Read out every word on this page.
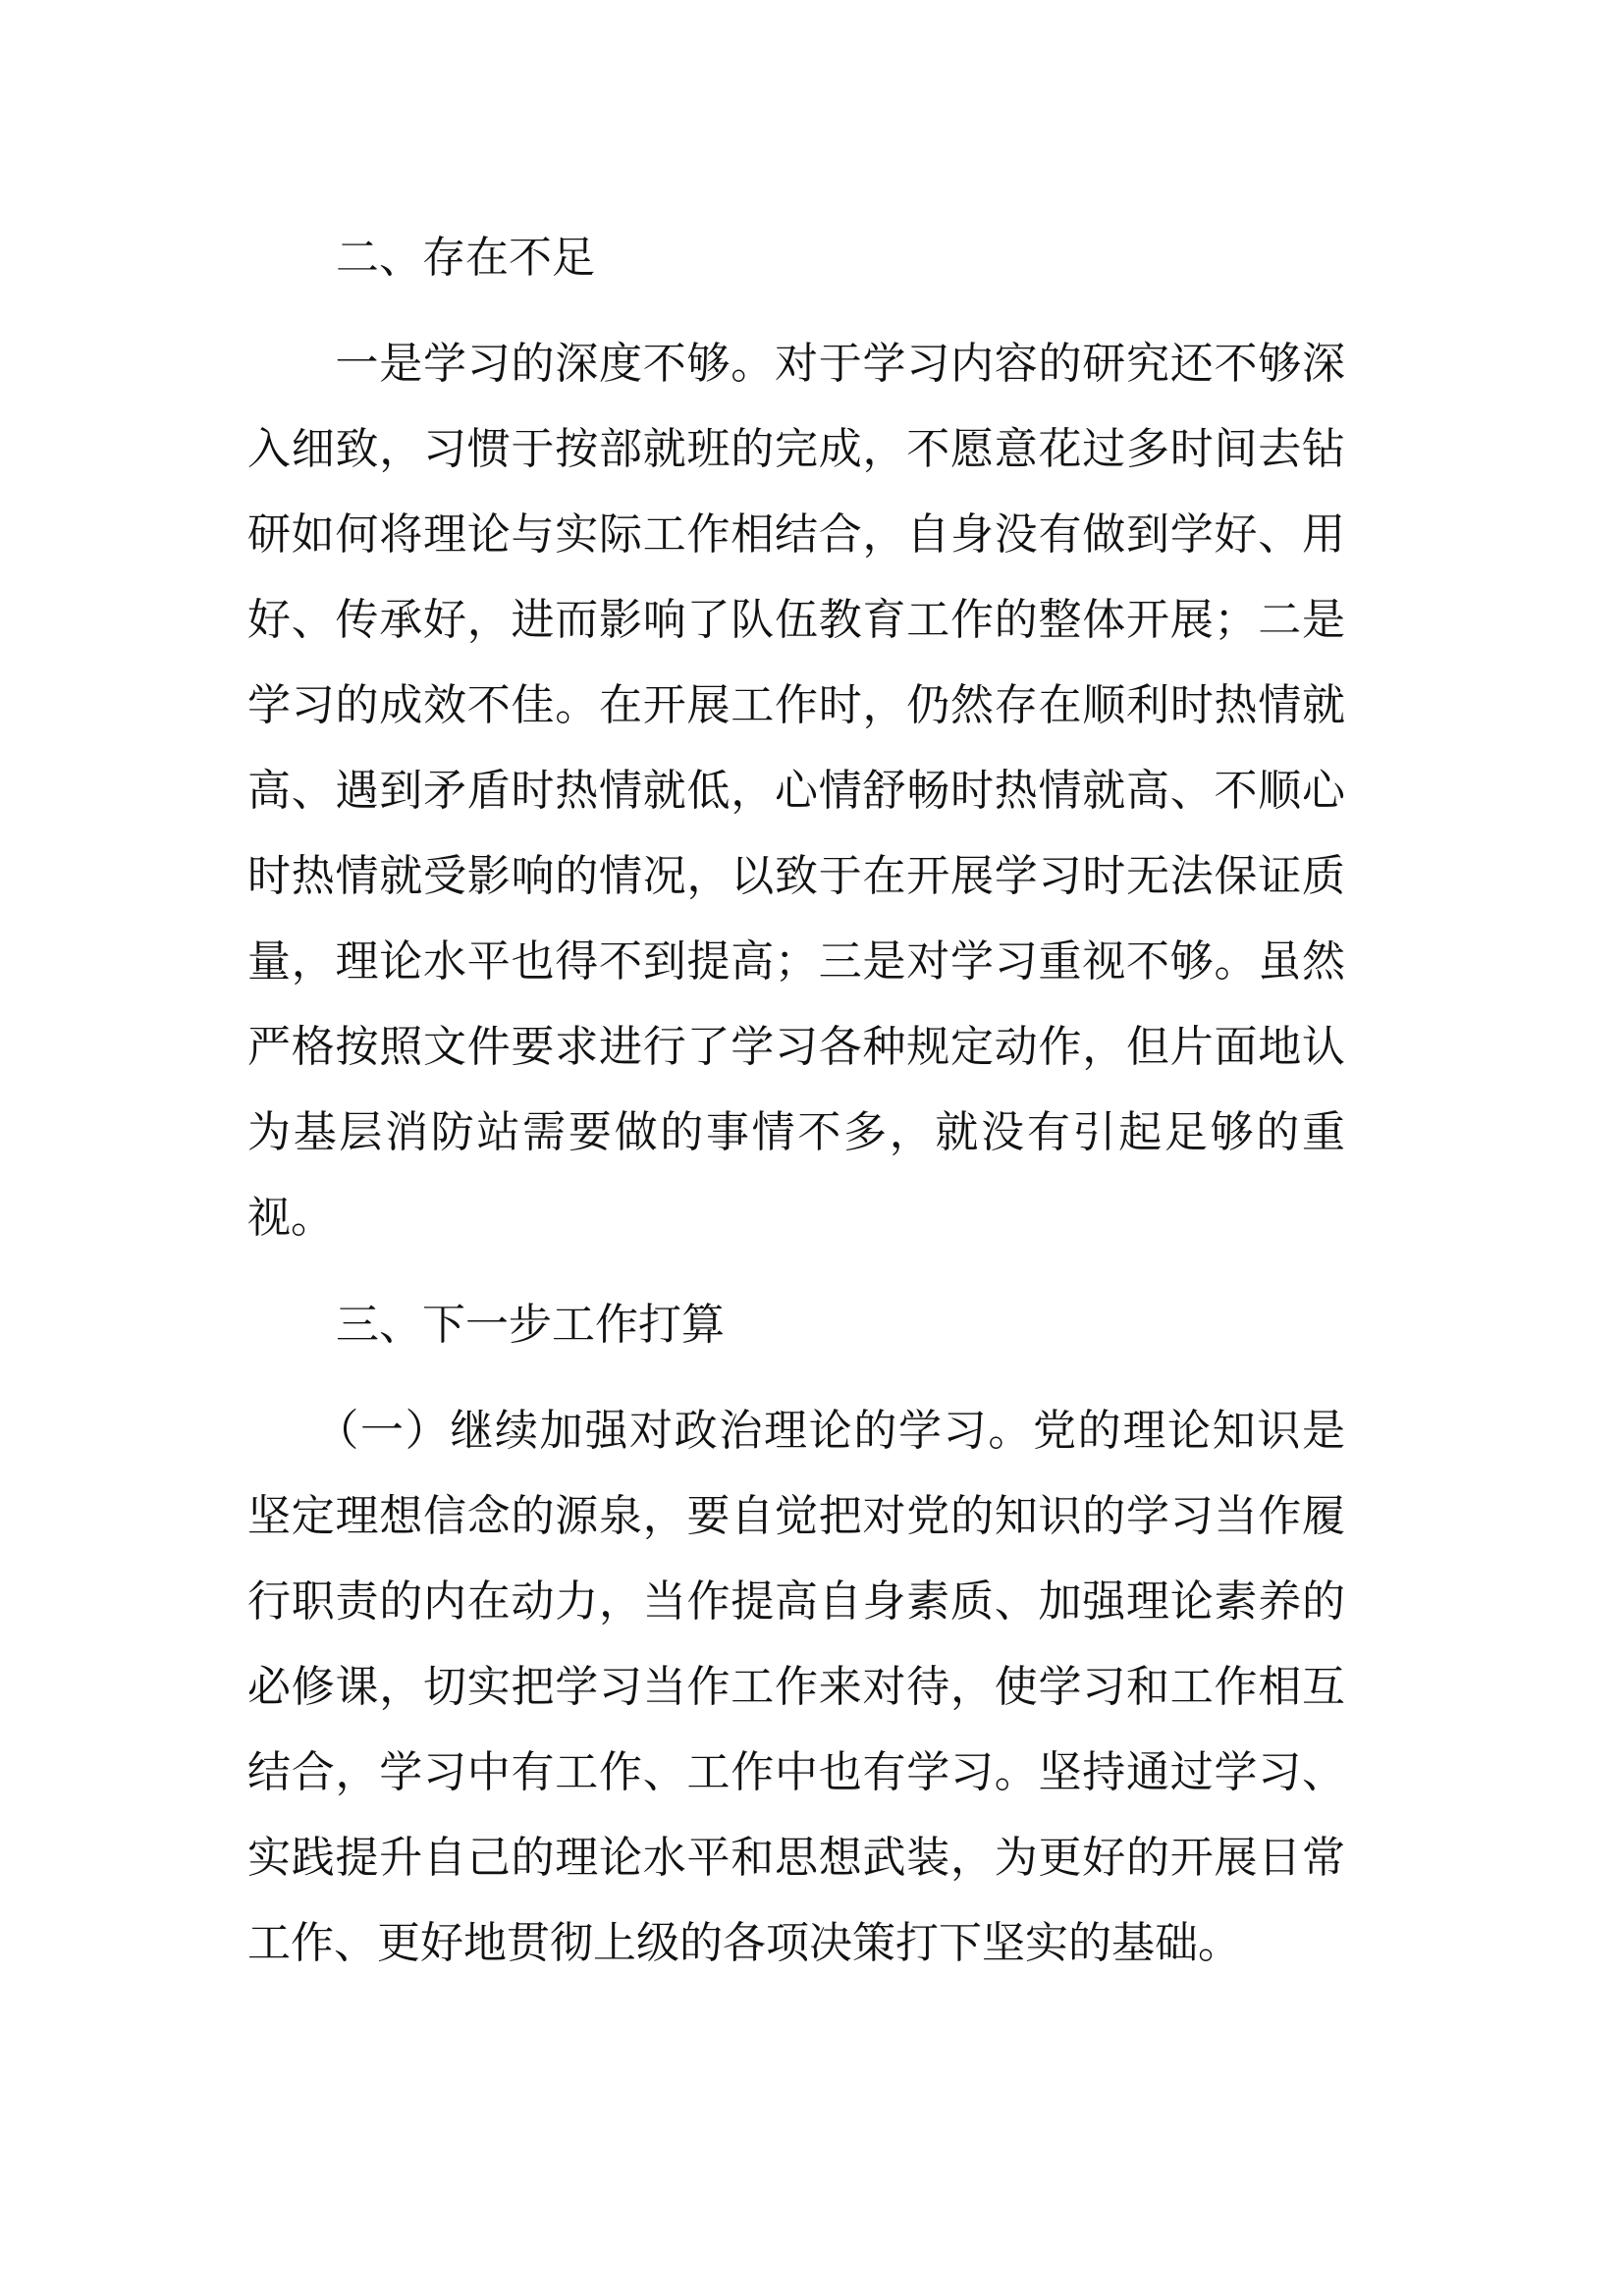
二、存在不足
　　一是学习的深度不够。对于学习内容的研究还不够深
入细致，习惯于按部就班的完成，不愿意花过多时间去钻
研如何将理论与实际工作相结合，自身没有做到学好、用
好、传承好，进而影响了队伍教育工作的整体开展；二是
学习的成效不佳。在开展工作时，仍然存在顺利时热情就
高、遇到矛盾时热情就低，心情舒畅时热情就高、不顺心
时热情就受影响的情况，以致于在开展学习时无法保证质
量，理论水平也得不到提高；三是对学习重视不够。虽然
严格按照文件要求进行了学习各种规定动作，但片面地认
为基层消防站需要做的事情不多，就没有引起足够的重
视。
三、下一步工作打算
　　（一）继续加强对政治理论的学习。党的理论知识是
坚定理想信念的源泉，要自觉把对党的知识的学习当作履
行职责的内在动力，当作提高自身素质、加强理论素养的
必修课，切实把学习当作工作来对待，使学习和工作相互
结合，学习中有工作、工作中也有学习。坚持通过学习、
实践提升自己的理论水平和思想武装，为更好的开展日常
工作、更好地贯彻上级的各项决策打下坚实的基础。
